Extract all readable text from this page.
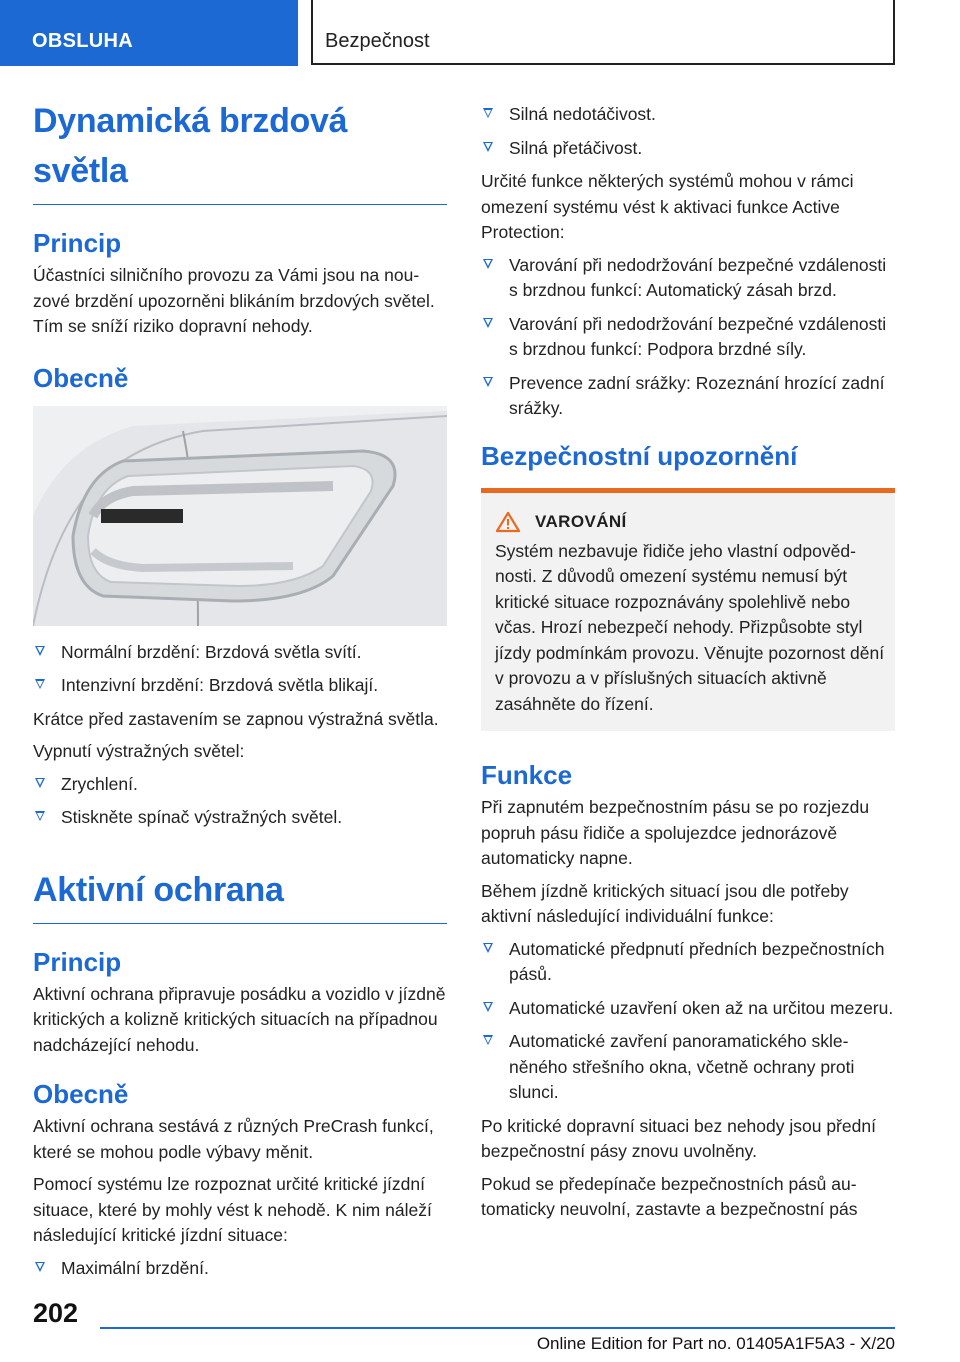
OBSLUHA	Bezpečnost
Dynamická brzdová světla
Princip

Účastníci silničního provozu za Vámi jsou na nouzové brzdění upozorněni blikáním brzdových světel. Tím se sníží riziko dopravní nehody.

Obecně
Normální brzdění: Brzdová světla svítí.
Intenzivní brzdění: Brzdová světla blikají.

Krátce před zastavením se zapnou výstražná světla.

Vypnutí výstražných světel:

Zrychlení.
Stiskněte spínač výstražných světel.
Aktivní ochrana
Princip

Aktivní ochrana připravuje posádku a vozidlo v jízdně kritických a kolizně kritických situacích na případnou nadcházející nehodu.

Obecně

Aktivní ochrana sestává z různých PreCrash funkcí, které se mohou podle výbavy měnit.

Pomocí systému lze rozpoznat určité kritické jízdní situace, které by mohly vést k nehodě. K nim náleží následující kritické jízdní situace:

Maximální brzdění.
Silná nedotáčivost.
Silná přetáčivost.

Určité funkce některých systémů mohou v rámci omezení systému vést k aktivaci funkce Active Protection:

Varování při nedodržování bezpečné vzdálenosti s brzdnou funkcí: Automatický zásah brzd.
Varování při nedodržování bezpečné vzdálenosti s brzdnou funkcí: Podpora brzdné síly.
Prevence zadní srážky: Rozeznání hrozící zadní srážky.
Bezpečnostní upozornění
VAROVÁNÍ

Systém nezbavuje řidiče jeho vlastní odpovědnosti. Z důvodů omezení systému nemusí být kritické situace rozpoznávány spolehlivě nebo včas. Hrozí nebezpečí nehody. Přizpůsobte styl jízdy podmínkám provozu. Věnujte pozornost dění v provozu a v příslušných situacích aktivně zasáhněte do řízení.

Funkce

Při zapnutém bezpečnostním pásu se po rozjezdu popruh pásu řidiče a spolujezdce jednorázově automaticky napne.

Během jízdně kritických situací jsou dle potřeby aktivní následující individuální funkce:

Automatické předpnutí předních bezpečnostních pásů.
Automatické uzavření oken až na určitou mezeru.
Automatické zavření panoramatického skleněného střešního okna, včetně ochrany proti slunci.

Po kritické dopravní situaci bez nehody jsou přední bezpečnostní pásy znovu uvolněny.

Pokud se předepínače bezpečnostních pásů automaticky neuvolní, zastavte a bezpečnostní pás

202
Online Edition for Part no. 01405A1F5A3 - X/20
